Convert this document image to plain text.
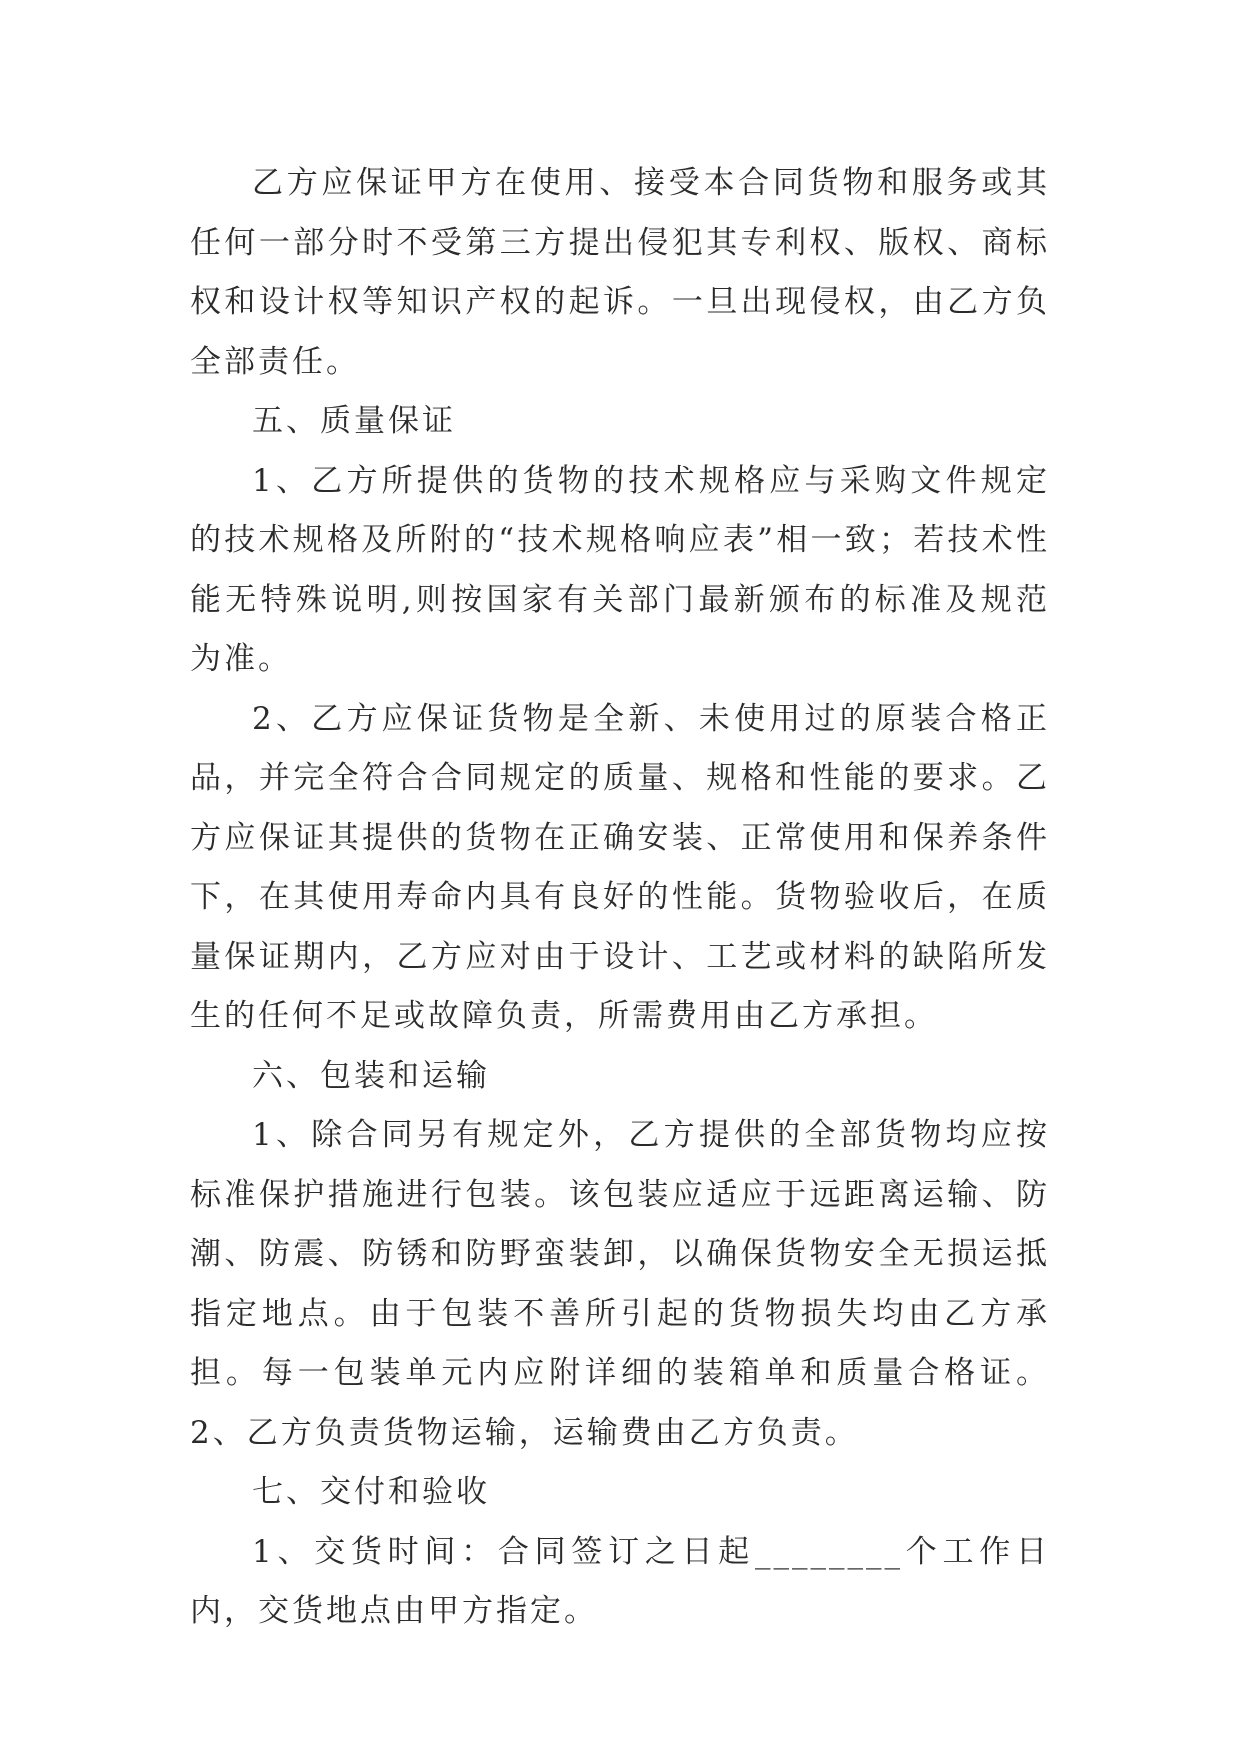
乙方应保证甲方在使用、接受本合同货物和服务或其任何一部分时不受第三方提出侵犯其专利权、版权、商标权和设计权等知识产权的起诉。一旦出现侵权，由乙方负全部责任。

五、质量保证

1、乙方所提供的货物的技术规格应与采购文件规定的技术规格及所附的“技术规格响应表”相一致；若技术性能无特殊说明,则按国家有关部门最新颁布的标准及规范为准。

2、乙方应保证货物是全新、未使用过的原装合格正品，并完全符合合同规定的质量、规格和性能的要求。乙方应保证其提供的货物在正确安装、正常使用和保养条件下，在其使用寿命内具有良好的性能。货物验收后，在质量保证期内，乙方应对由于设计、工艺或材料的缺陷所发生的任何不足或故障负责，所需费用由乙方承担。

六、包装和运输

1、除合同另有规定外，乙方提供的全部货物均应按标准保护措施进行包装。该包装应适应于远距离运输、防潮、防震、防锈和防野蛮装卸，以确保货物安全无损运抵指定地点。由于包装不善所引起的货物损失均由乙方承担。每一包装单元内应附详细的装箱单和质量合格证。2、乙方负责货物运输，运输费由乙方负责。

七、交付和验收

1、交货时间：合同签订之日起________个工作日内，交货地点由甲方指定。
